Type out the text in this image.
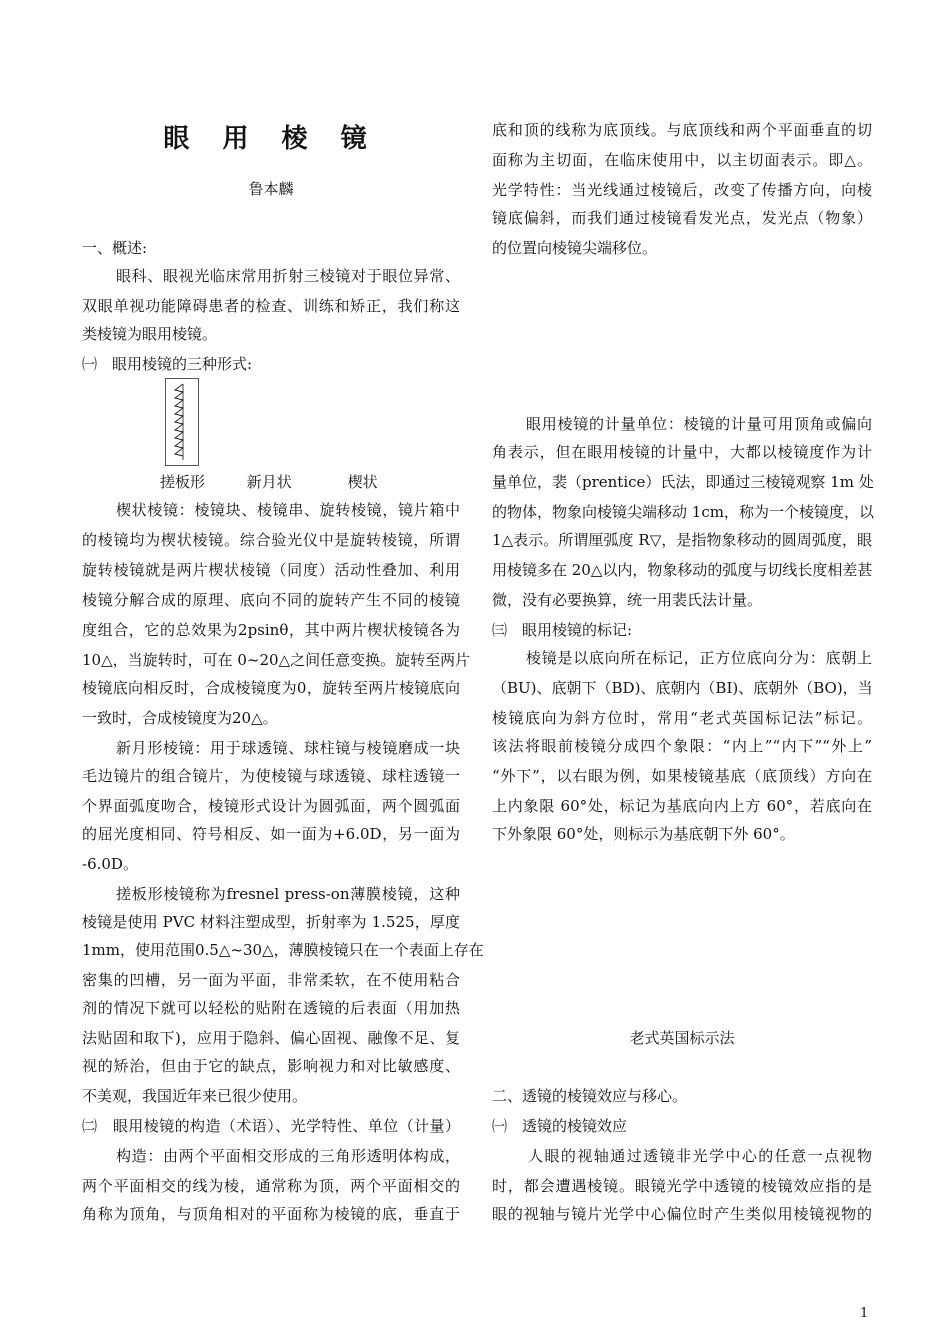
眼 用 棱 镜
鲁本麟
一、概述:
眼科、眼视光临床常用折射三棱镜对于眼位异常、
双眼单视功能障碍患者的检查、训练和矫正，我们称这
类棱镜为眼用棱镜。
㈠　眼用棱镜的三种形式:
楔状棱镜：棱镜块、棱镜串、旋转棱镜，镜片箱中
的棱镜均为楔状棱镜。综合验光仪中是旋转棱镜，所谓
旋转棱镜就是两片楔状棱镜（同度）活动性叠加、利用
棱镜分解合成的原理、底向不同的旋转产生不同的棱镜
度组合，它的总效果为2psinθ，其中两片楔状棱镜各为
10△，当旋转时，可在 0~20△之间任意变换。旋转至两片
棱镜底向相反时，合成棱镜度为0，旋转至两片棱镜底向
一致时，合成棱镜度为20△。
新月形棱镜：用于球透镜、球柱镜与棱镜磨成一块
毛边镜片的组合镜片，为使棱镜与球透镜、球柱透镜一
个界面弧度吻合，棱镜形式设计为圆弧面，两个圆弧面
的屈光度相同、符号相反、如一面为+6.0D，另一面为
-6.0D。
搓板形棱镜称为fresnel press-on薄膜棱镜，这种
棱镜是使用 PVC 材料注塑成型，折射率为 1.525，厚度
1mm，使用范围0.5△~30△，薄膜棱镜只在一个表面上存在
密集的凹槽，另一面为平面，非常柔软，在不使用粘合
剂的情况下就可以轻松的贴附在透镜的后表面（用加热
法贴固和取下)，应用于隐斜、偏心固视、融像不足、复
视的矫治，但由于它的缺点，影响视力和对比敏感度、
不美观，我国近年来已很少使用。
㈡　眼用棱镜的构造（术语）、光学特性、单位（计量）
构造：由两个平面相交形成的三角形透明体构成，
两个平面相交的线为棱，通常称为顶，两个平面相交的
角称为顶角，与顶角相对的平面称为棱镜的底，垂直于
底和顶的线称为底顶线。与底顶线和两个平面垂直的切
面称为主切面，在临床使用中，以主切面表示。即△。
光学特性：当光线通过棱镜后，改变了传播方向，向棱
镜底偏斜，而我们通过棱镜看发光点，发光点（物象）
的位置向棱镜尖端移位。
眼用棱镜的计量单位：棱镜的计量可用顶角或偏向
角表示，但在眼用棱镜的计量中，大都以棱镜度作为计
量单位，裴（prentice）氏法，即通过三棱镜观察 1m 处
的物体，物象向棱镜尖端移动 1cm，称为一个棱镜度，以
1△表示。所谓厘弧度 R▽，是指物象移动的圆周弧度，眼
用棱镜多在 20△以内，物象移动的弧度与切线长度相差甚
微，没有必要换算，统一用裴氏法计量。
㈢　眼用棱镜的标记:
棱镜是以底向所在标记，正方位底向分为：底朝上
（BU)、底朝下（BD)、底朝内（BI)、底朝外（BO)，当
棱镜底向为斜方位时，常用“老式英国标记法”标记。
该法将眼前棱镜分成四个象限：“内上”“内下”“外上”
“外下”，以右眼为例，如果棱镜基底（底顶线）方向在
上内象限 60°处，标记为基底向内上方 60°，若底向在
下外象限 60°处，则标示为基底朝下外 60°。
老式英国标示法
二、透镜的棱镜效应与移心。
㈠　透镜的棱镜效应
人眼的视轴通过透镜非光学中心的任意一点视物
时，都会遭遇棱镜。眼镜光学中透镜的棱镜效应指的是
眼的视轴与镜片光学中心偏位时产生类似用棱镜视物的
搓板形	新月状	楔状
1
